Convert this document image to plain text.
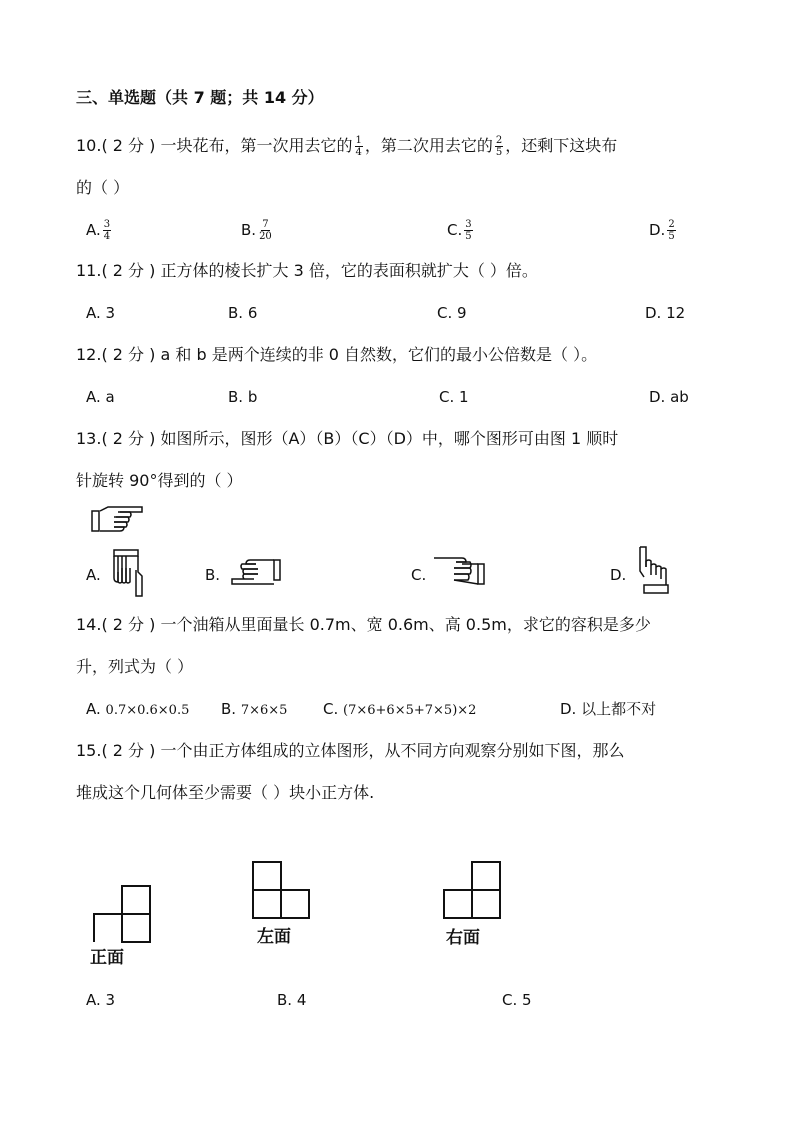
三、单选题（共 7 题；共 14 分）
10.( 2 分 ) 一块花布，第一次用去它的 $\frac{1}{4}$ ，第二次用去它的 $\frac{2}{5}$ ，还剩下这块布
的（ ）
A. $\frac{3}{4}$	B. $\frac{7}{20}$	C. $\frac{3}{5}$	D. $\frac{2}{5}$
11.( 2 分 ) 正方体的棱长扩大 3 倍，它的表面积就扩大（ ）倍。
A. 3	B. 6	C. 9	D. 12
12.( 2 分 ) a 和 b 是两个连续的非 0 自然数，它们的最小公倍数是（ ）。
A. a	B. b	C. 1	D. ab
13.( 2 分 ) 如图所示，图形（A）（B）（C）（D）中，哪个图形可由图 1 顺时
针旋转 90°得到的（ ）
A.	B.	C.	D.
14.( 2 分 ) 一个油箱从里面量长 0.7m、宽 0.6m、高 0.5m，求它的容积是多少
升，列式为（ ）
A. 0.7×0.6×0.5 B. 7×6×5 C. (7×6+6×5+7×5)×2	D. 以上都不对
15.( 2 分 ) 一个由正方体组成的立体图形，从不同方向观察分别如下图，那么
堆成这个几何体至少需要（ ）块小正方体.
正面
左面	右面
A. 3	B. 4	C. 5
